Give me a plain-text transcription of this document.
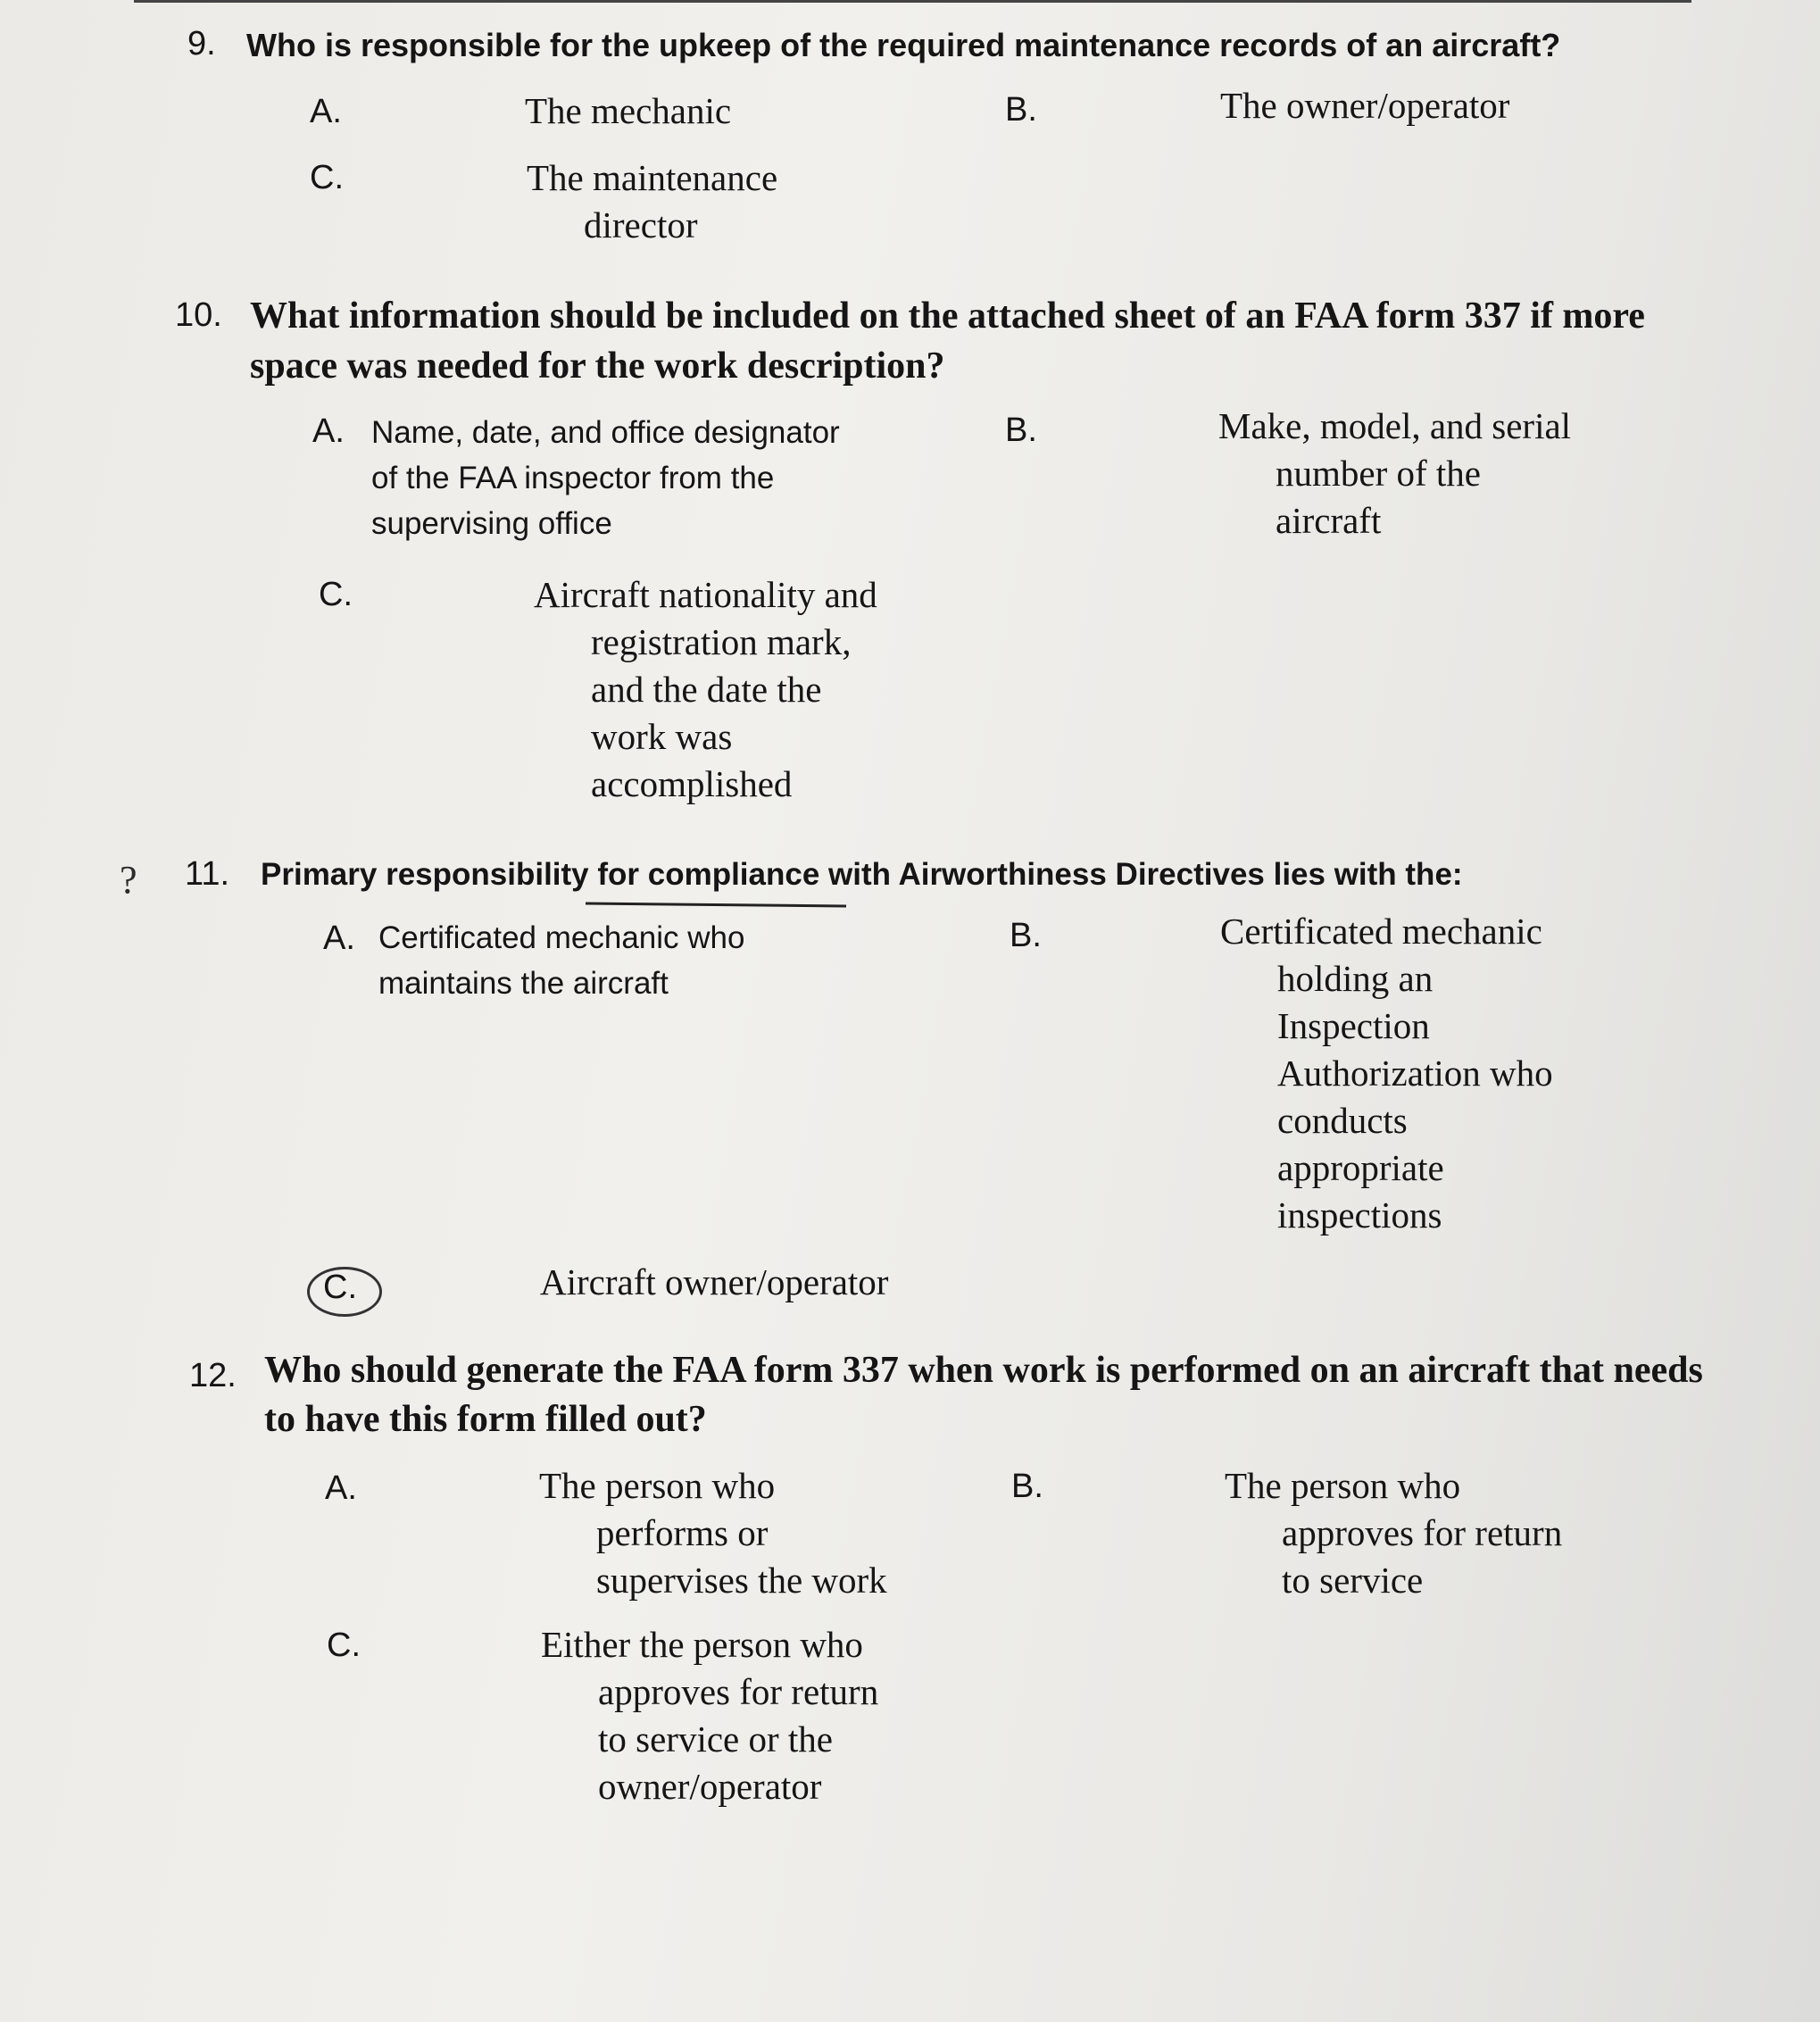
9. Who is responsible for the upkeep of the required maintenance records of an aircraft?
A.	The mechanic	B.	The owner/operator
C.	The maintenance
director
10. What information should be included on the attached sheet of an FAA form 337 if more
space was needed for the work description?
A. Name, date, and office designator
of the FAA inspector from the
supervising office
B.	Make, model, and serial
number of the
aircraft
C.	Aircraft nationality and
registration mark,
and the date the
work was
accomplished
? 11. Primary responsibility for compliance with Airworthiness Directives lies with the:
A. Certificated mechanic who
maintains the aircraft
B.	Certificated mechanic
holding an
Inspection
Authorization who
conducts
appropriate
inspections
C.	Aircraft owner/operator
12. Who should generate the FAA form 337 when work is performed on an aircraft that needs
to have this form filled out?
A.	The person who
performs or
supervises the work
B.	The person who
approves for return
to service
C.	Either the person who
approves for return
to service or the
owner/operator
